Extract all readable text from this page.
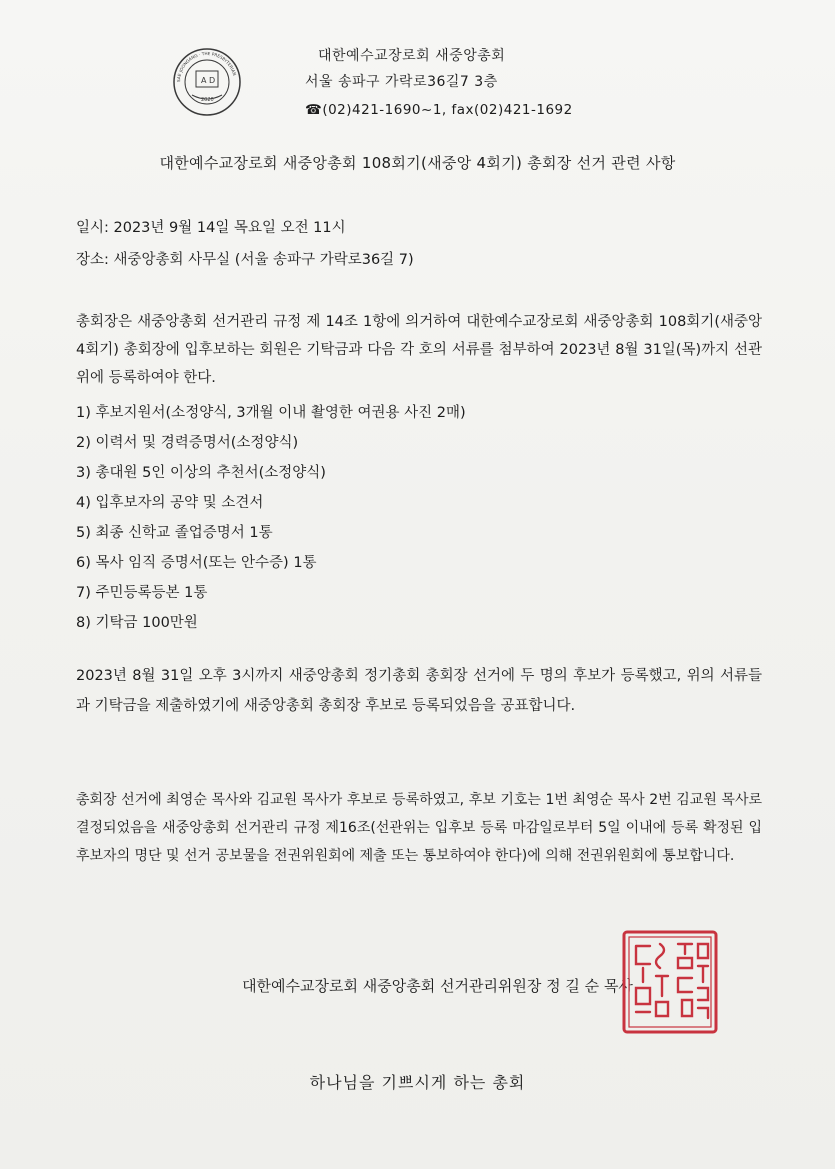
A D
2020
SAE JOONGANG · THE PRESBYTERIAN
대한예수교장로회 새중앙총회
서울 송파구 가락로36길7 3층
☎(02)421-1690~1, fax(02)421-1692
대한예수교장로회 새중앙총회 108회기(새중앙 4회기) 총회장 선거 관련 사항
일시: 2023년 9월 14일 목요일 오전 11시
장소: 새중앙총회 사무실 (서울 송파구 가락로36길 7)
총회장은 새중앙총회 선거관리 규정 제 14조 1항에 의거하여 대한예수교장로회 새중앙총회 108회기(새중앙 4회기) 총회장에 입후보하는 회원은 기탁금과 다음 각 호의 서류를 첨부하여 2023년 8월 31일(목)까지 선관위에 등록하여야 한다.
1) 후보지원서(소정양식, 3개월 이내 촬영한 여권용 사진 2매)
2) 이력서 및 경력증명서(소정양식)
3) 총대원 5인 이상의 추천서(소정양식)
4) 입후보자의 공약 및 소견서
5) 최종 신학교 졸업증명서 1통
6) 목사 임직 증명서(또는 안수증) 1통
7) 주민등록등본 1통
8) 기탁금 100만원
2023년 8월 31일 오후 3시까지 새중앙총회 정기총회 총회장 선거에 두 명의 후보가 등록했고, 위의 서류들과 기탁금을 제출하였기에 새중앙총회 총회장 후보로 등록되었음을 공표합니다.
총회장 선거에 최영순 목사와 김교원 목사가 후보로 등록하였고, 후보 기호는 1번 최영순 목사 2번 김교원 목사로 결정되었음을 새중앙총회 선거관리 규정 제16조(선관위는 입후보 등록 마감일로부터 5일 이내에 등록 확정된 입후보자의 명단 및 선거 공보물을 전권위원회에 제출 또는 통보하여야 한다)에 의해 전권위원회에 통보합니다.
대한예수교장로회 새중앙총회 선거관리위원장 정 길 순 목사
하나님을 기쁘시게 하는 총회
